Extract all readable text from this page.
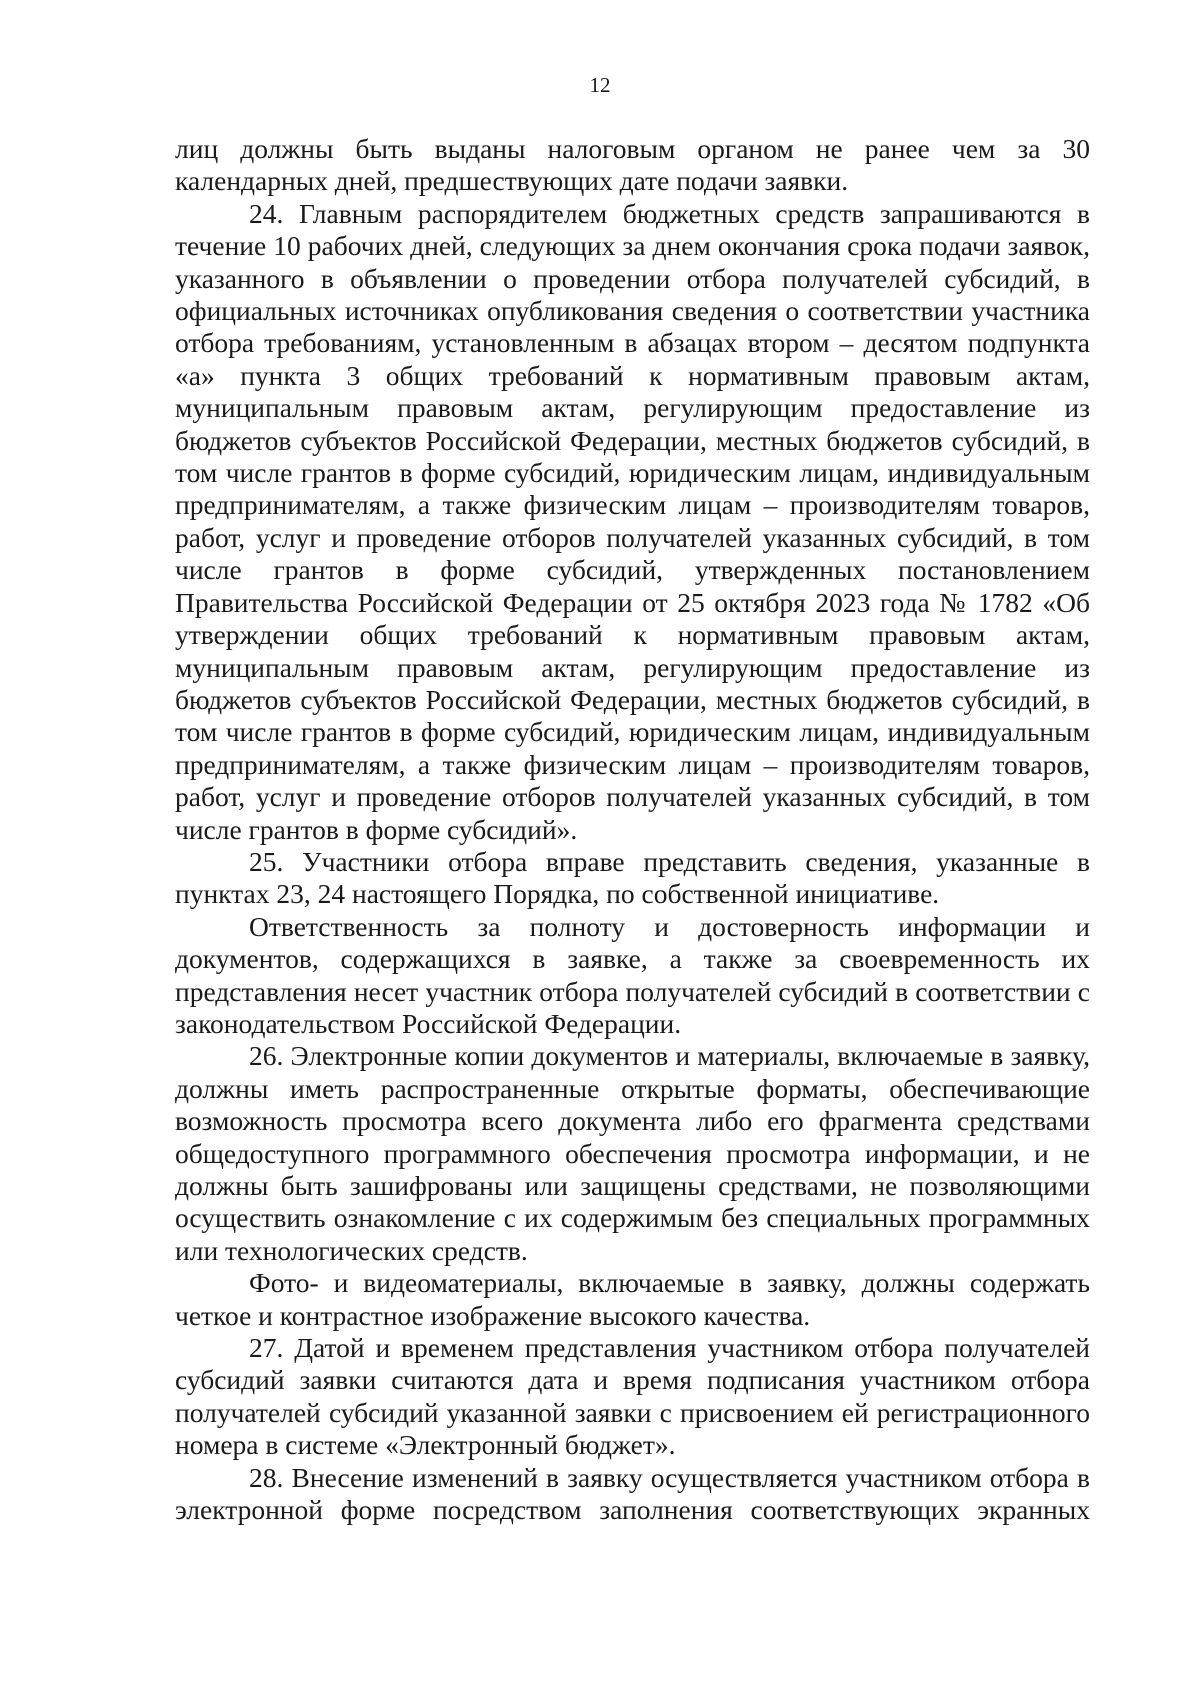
12

лиц должны быть выданы налоговым органом не ранее чем за 30 календарных дней, предшествующих дате подачи заявки.

24. Главным распорядителем бюджетных средств запрашиваются в течение 10 рабочих дней, следующих за днем окончания срока подачи заявок, указанного в объявлении о проведении отбора получателей субсидий, в официальных источниках опубликования сведения о соответствии участника отбора требованиям, установленным в абзацах втором – десятом подпункта «а» пункта 3 общих требований к нормативным правовым актам, муниципальным правовым актам, регулирующим предоставление из бюджетов субъектов Российской Федерации, местных бюджетов субсидий, в том числе грантов в форме субсидий, юридическим лицам, индивидуальным предпринимателям, а также физическим лицам – производителям товаров, работ, услуг и проведение отборов получателей указанных субсидий, в том числе грантов в форме субсидий, утвержденных постановлением Правительства Российской Федерации от 25 октября 2023 года № 1782 «Об утверждении общих требований к нормативным правовым актам, муниципальным правовым актам, регулирующим предоставление из бюджетов субъектов Российской Федерации, местных бюджетов субсидий, в том числе грантов в форме субсидий, юридическим лицам, индивидуальным предпринимателям, а также физическим лицам – производителям товаров, работ, услуг и проведение отборов получателей указанных субсидий, в том числе грантов в форме субсидий».

25. Участники отбора вправе представить сведения, указанные в пунктах 23, 24 настоящего Порядка, по собственной инициативе.

Ответственность за полноту и достоверность информации и документов, содержащихся в заявке, а также за своевременность их представления несет участник отбора получателей субсидий в соответствии с законодательством Российской Федерации.

26. Электронные копии документов и материалы, включаемые в заявку, должны иметь распространенные открытые форматы, обеспечивающие возможность просмотра всего документа либо его фрагмента средствами общедоступного программного обеспечения просмотра информации, и не должны быть зашифрованы или защищены средствами, не позволяющими осуществить ознакомление с их содержимым без специальных программных или технологических средств.

Фото- и видеоматериалы, включаемые в заявку, должны содержать четкое и контрастное изображение высокого качества.

27. Датой и временем представления участником отбора получателей субсидий заявки считаются дата и время подписания участником отбора получателей субсидий указанной заявки с присвоением ей регистрационного номера в системе «Электронный бюджет».

28. Внесение изменений в заявку осуществляется участником отбора в электронной форме посредством заполнения соответствующих экранных
